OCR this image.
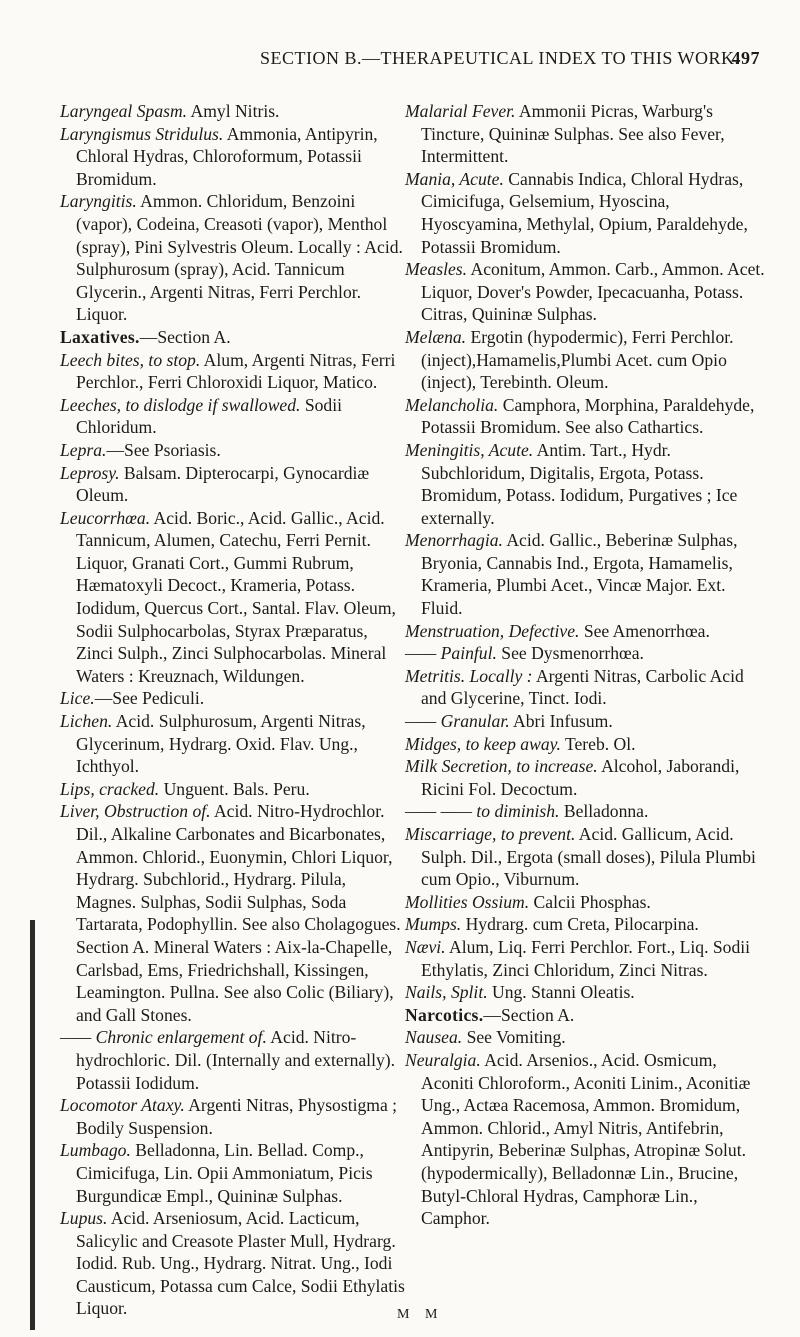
SECTION B.—THERAPEUTICAL INDEX TO THIS WORK.
497

Laryngeal Spasm. Amyl Nitris.

Laryngismus Stridulus. Ammonia, Antipyrin, Chloral Hydras, Chloroformum, Potassii Bromidum.

Laryngitis. Ammon. Chloridum, Benzoini (vapor), Codeina, Creasoti (vapor), Menthol (spray), Pini Sylvestris Oleum. Locally : Acid. Sulphurosum (spray), Acid. Tannicum Glycerin., Argenti Nitras, Ferri Perchlor. Liquor.

Laxatives.—Section A.

Leech bites, to stop. Alum, Argenti Nitras, Ferri Perchlor., Ferri Chloroxidi Liquor, Matico.

Leeches, to dislodge if swallowed. Sodii Chloridum.

Lepra.—See Psoriasis.

Leprosy. Balsam. Dipterocarpi, Gynocardiæ Oleum.

Leucorrhœa. Acid. Boric., Acid. Gallic., Acid. Tannicum, Alumen, Catechu, Ferri Pernit. Liquor, Granati Cort., Gummi Rubrum, Hæmatoxyli Decoct., Krameria, Potass. Iodidum, Quercus Cort., Santal. Flav. Oleum, Sodii Sulphocarbolas, Styrax Præparatus, Zinci Sulph., Zinci Sulphocarbolas. Mineral Waters : Kreuznach, Wildungen.

Lice.—See Pediculi.

Lichen. Acid. Sulphurosum, Argenti Nitras, Glycerinum, Hydrarg. Oxid. Flav. Ung., Ichthyol.

Lips, cracked. Unguent. Bals. Peru.

Liver, Obstruction of. Acid. Nitro-Hydrochlor. Dil., Alkaline Carbonates and Bicarbonates, Ammon. Chlorid., Euonymin, Chlori Liquor, Hydrarg. Subchlorid., Hydrarg. Pilula, Magnes. Sulphas, Sodii Sulphas, Soda Tartarata, Podophyllin. See also Cholagogues. Section A. Mineral Waters : Aix-la-Chapelle, Carlsbad, Ems, Friedrichshall, Kissingen, Leamington. Pullna. See also Colic (Biliary), and Gall Stones.

—— Chronic enlargement of. Acid. Nitro-hydrochloric. Dil. (Internally and externally). Potassii Iodidum.

Locomotor Ataxy. Argenti Nitras, Physostigma ; Bodily Suspension.

Lumbago. Belladonna, Lin. Bellad. Comp., Cimicifuga, Lin. Opii Ammoniatum, Picis Burgundicæ Empl., Quininæ Sulphas.

Lupus. Acid. Arseniosum, Acid. Lacticum, Salicylic and Creasote Plaster Mull, Hydrarg. Iodid. Rub. Ung., Hydrarg. Nitrat. Ung., Iodi Causticum, Potassa cum Calce, Sodii Ethylatis Liquor.

Malarial Fever. Ammonii Picras, Warburg's Tincture, Quininæ Sulphas. See also Fever, Intermittent.

Mania, Acute. Cannabis Indica, Chloral Hydras, Cimicifuga, Gelsemium, Hyoscina, Hyoscyamina, Methylal, Opium, Paraldehyde, Potassii Bromidum.

Measles. Aconitum, Ammon. Carb., Ammon. Acet. Liquor, Dover's Powder, Ipecacuanha, Potass. Citras, Quininæ Sulphas.

Melæna. Ergotin (hypodermic), Ferri Perchlor. (inject),Hamamelis,Plumbi Acet. cum Opio (inject), Terebinth. Oleum.

Melancholia. Camphora, Morphina, Paraldehyde, Potassii Bromidum. See also Cathartics.

Meningitis, Acute. Antim. Tart., Hydr. Subchloridum, Digitalis, Ergota, Potass. Bromidum, Potass. Iodidum, Purgatives ; Ice externally.

Menorrhagia. Acid. Gallic., Beberinæ Sulphas, Bryonia, Cannabis Ind., Ergota, Hamamelis, Krameria, Plumbi Acet., Vincæ Major. Ext. Fluid.

Menstruation, Defective. See Amenorrhœa.

—— Painful. See Dysmenorrhœa.

Metritis. Locally : Argenti Nitras, Carbolic Acid and Glycerine, Tinct. Iodi.

—— Granular. Abri Infusum.

Midges, to keep away. Tereb. Ol.

Milk Secretion, to increase. Alcohol, Jaborandi, Ricini Fol. Decoctum.

—— —— to diminish. Belladonna.

Miscarriage, to prevent. Acid. Gallicum, Acid. Sulph. Dil., Ergota (small doses), Pilula Plumbi cum Opio., Viburnum.

Mollities Ossium. Calcii Phosphas.

Mumps. Hydrarg. cum Creta, Pilocarpina.

Nævi. Alum, Liq. Ferri Perchlor. Fort., Liq. Sodii Ethylatis, Zinci Chloridum, Zinci Nitras.

Nails, Split. Ung. Stanni Oleatis.

Narcotics.—Section A.

Nausea. See Vomiting.

Neuralgia. Acid. Arsenios., Acid. Osmicum, Aconiti Chloroform., Aconiti Linim., Aconitiæ Ung., Actæa Racemosa, Ammon. Bromidum, Ammon. Chlorid., Amyl Nitris, Antifebrin, Antipyrin, Beberinæ Sulphas, Atropinæ Solut. (hypodermically), Belladonnæ Lin., Brucine, Butyl-Chloral Hydras, Camphoræ Lin., Camphor.

M M
